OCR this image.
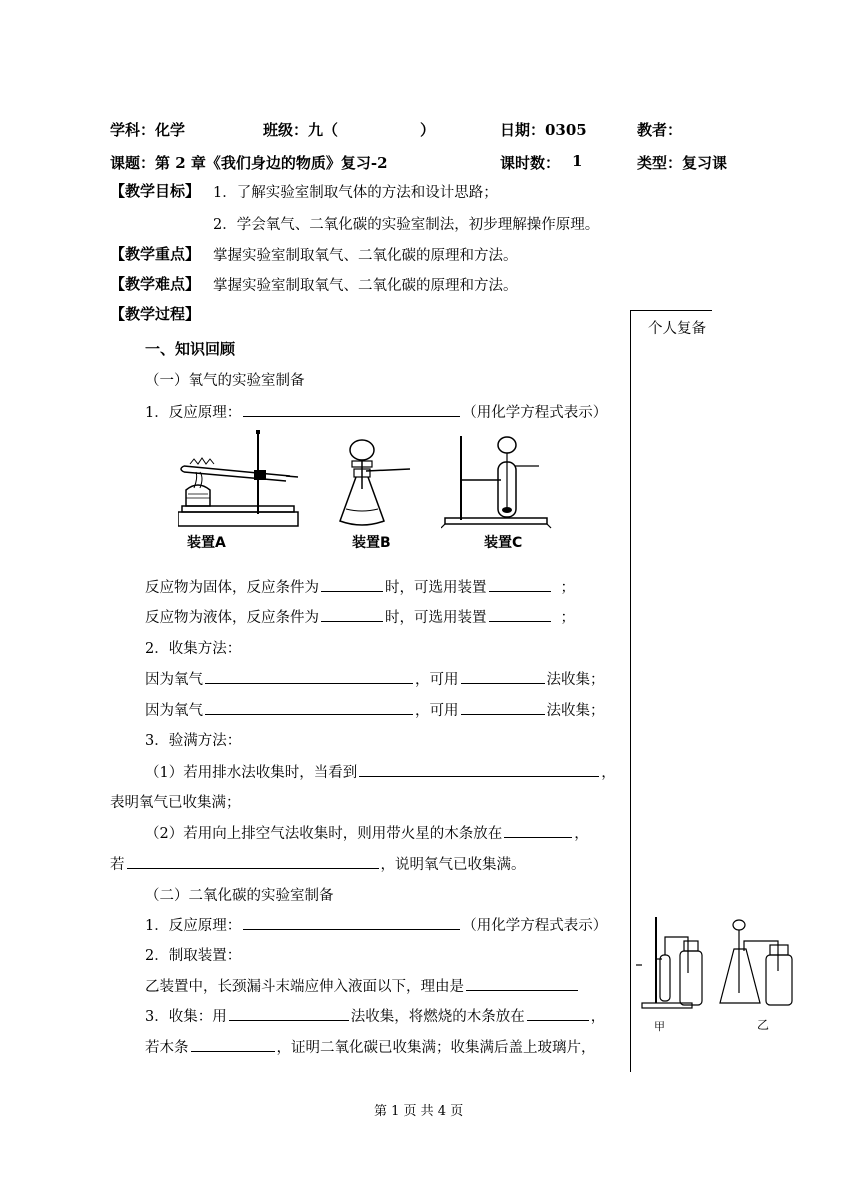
学科：化学	班级：九（	）	日期：0305	教者：
课题：第 2 章《我们身边的物质》复习-2	课时数： 1	类型：复习课
【教学目标】 1．了解实验室制取气体的方法和设计思路；
2．学会氧气、二氧化碳的实验室制法，初步理解操作原理。
【教学重点】 掌握实验室制取氧气、二氧化碳的原理和方法。
【教学难点】 掌握实验室制取氧气、二氧化碳的原理和方法。
【教学过程】
个人复备
一、知识回顾
（一）氧气的实验室制备
1．反应原理：	（用化学方程式表示）
装置A	装置B	装置C
反应物为固体，反应条件为	时，可选用装置	；
反应物为液体，反应条件为	时，可选用装置	；
2．收集方法：
因为氧气	，可用	法收集；
因为氧气	，可用	法收集；
3．验满方法：
（1）若用排水法收集时，当看到	，
表明氧气已收集满；
（2）若用向上排空气法收集时，则用带火星的木条放在	，
若	，说明氧气已收集满。
（二）二氧化碳的实验室制备
1．反应原理：	（用化学方程式表示）
2．制取装置：
乙装置中，长颈漏斗末端应伸入液面以下，理由是
3．收集：用	法收集，将燃烧的木条放在	，
若木条	，证明二氧化碳已收集满；收集满后盖上玻璃片，
甲	乙
第 1 页 共 4 页
